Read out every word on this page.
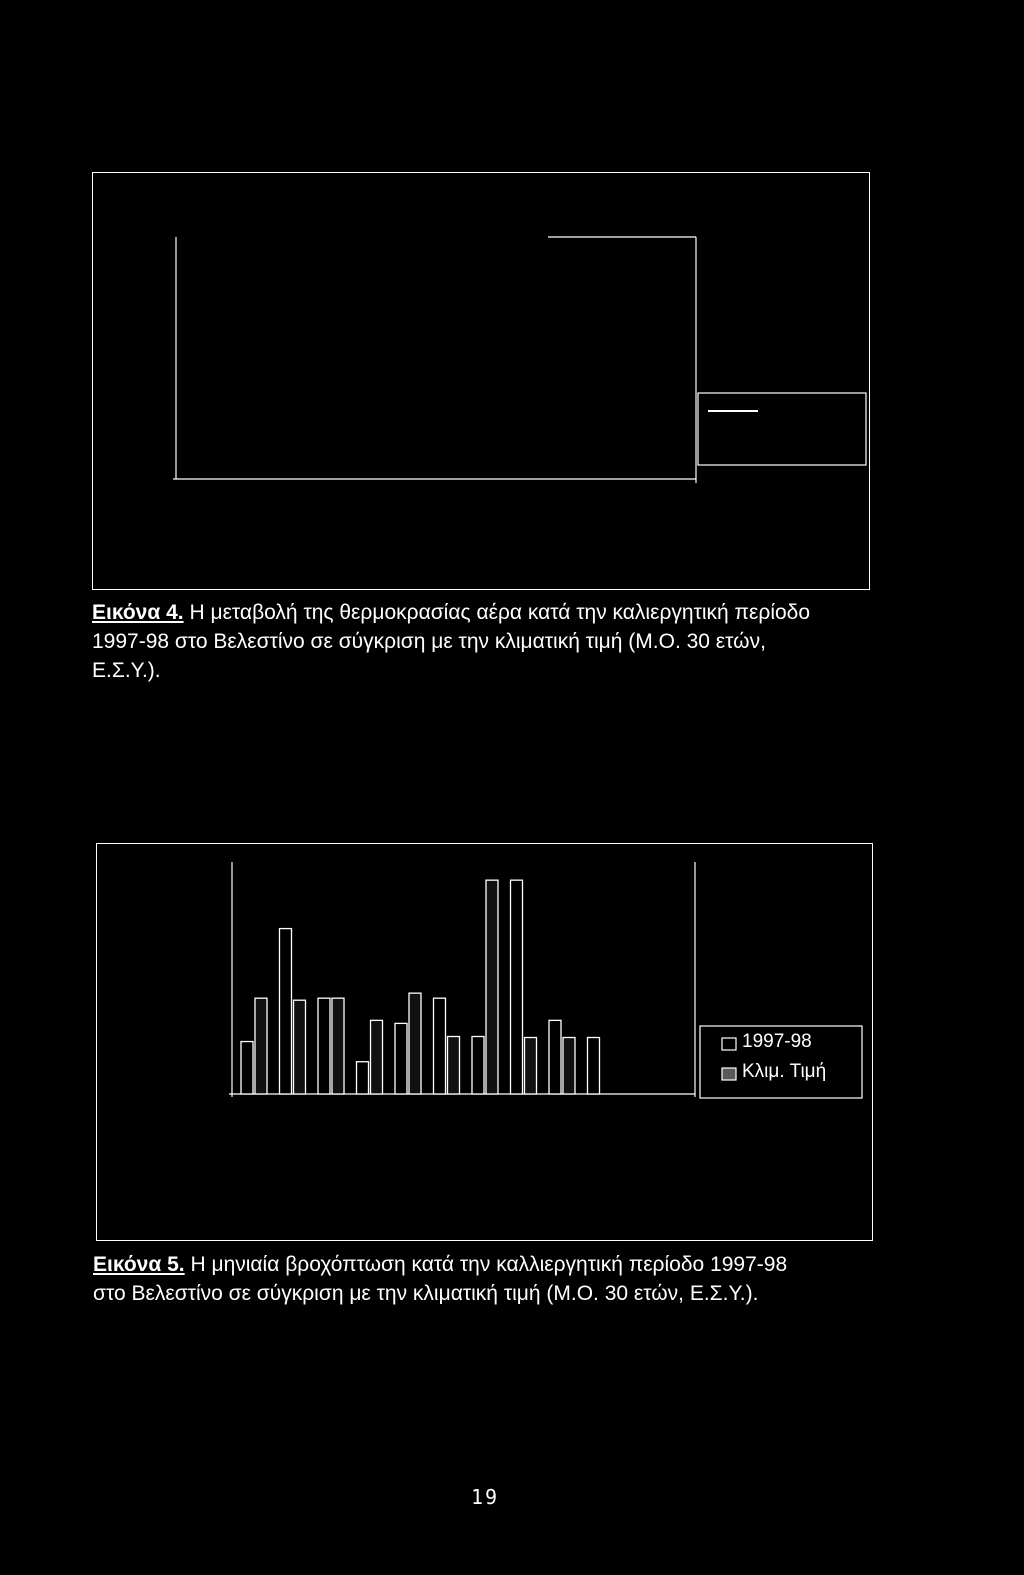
Εικόνα 4. Η μεταβολή της θερμοκρασίας αέρα κατά την καλιεργητική περίοδο
1997-98 στο Βελεστίνο σε σύγκριση με την κλιματική τιμή (Μ.Ο. 30 ετών,
Ε.Σ.Υ.).
1997-98
Κλιμ. Τιμή
Εικόνα 5. Η μηνιαία βροχόπτωση κατά την καλλιεργητική περίοδο 1997-98
στο Βελεστίνο σε σύγκριση με την κλιματική τιμή (Μ.Ο. 30 ετών, Ε.Σ.Υ.).
19
